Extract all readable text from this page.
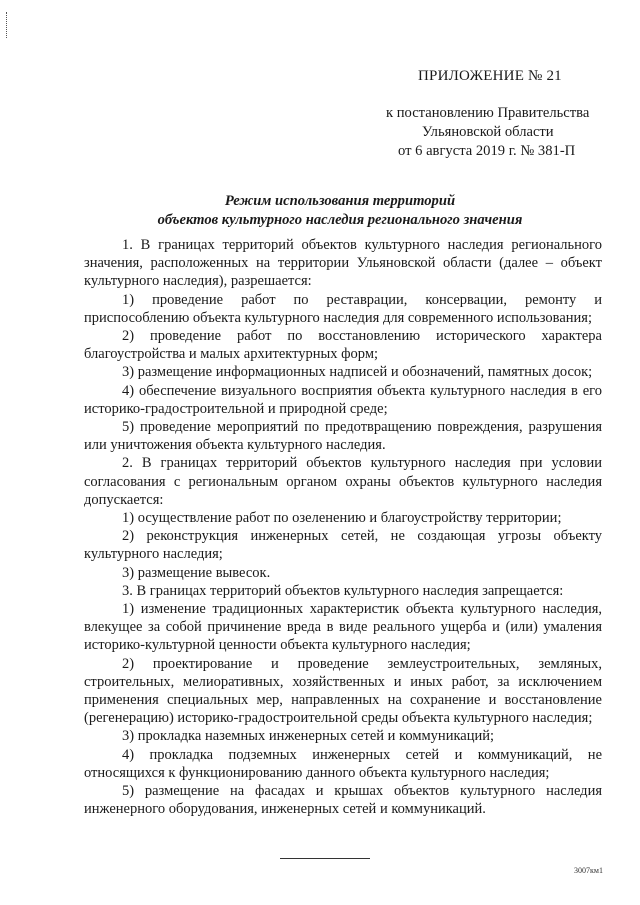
ПРИЛОЖЕНИЕ № 21
к постановлению Правительства
Ульяновской области
от 6 августа 2019 г. № 381-П
Режим использования территорий
объектов культурного наследия регионального значения

1. В границах территорий объектов культурного наследия регионального значения, расположенных на территории Ульяновской области (далее – объект культурного наследия), разрешается:

1) проведение работ по реставрации, консервации, ремонту и приспособлению объекта культурного наследия для современного использования;

2) проведение работ по восстановлению исторического характера благоустройства и малых архитектурных форм;

3) размещение информационных надписей и обозначений, памятных досок;

4) обеспечение визуального восприятия объекта культурного наследия в его историко-градостроительной и природной среде;

5) проведение мероприятий по предотвращению повреждения, разрушения или уничтожения объекта культурного наследия.

2. В границах территорий объектов культурного наследия при условии согласования с региональным органом охраны объектов культурного наследия допускается:

1) осуществление работ по озеленению и благоустройству территории;

2) реконструкция инженерных сетей, не создающая угрозы объекту культурного наследия;

3) размещение вывесок.

3. В границах территорий объектов культурного наследия запрещается:

1) изменение традиционных характеристик объекта культурного наследия, влекущее за собой причинение вреда в виде реального ущерба и (или) умаления историко-культурной ценности объекта культурного наследия;

2) проектирование и проведение землеустроительных, земляных, строительных, мелиоративных, хозяйственных и иных работ, за исключением применения специальных мер, направленных на сохранение и восстановление (регенерацию) историко-градостроительной среды объекта культурного наследия;

3) прокладка наземных инженерных сетей и коммуникаций;

4) прокладка подземных инженерных сетей и коммуникаций, не относящихся к функционированию данного объекта культурного наследия;

5) размещение на фасадах и крышах объектов культурного наследия инженерного оборудования, инженерных сетей и коммуникаций.

3007км1
